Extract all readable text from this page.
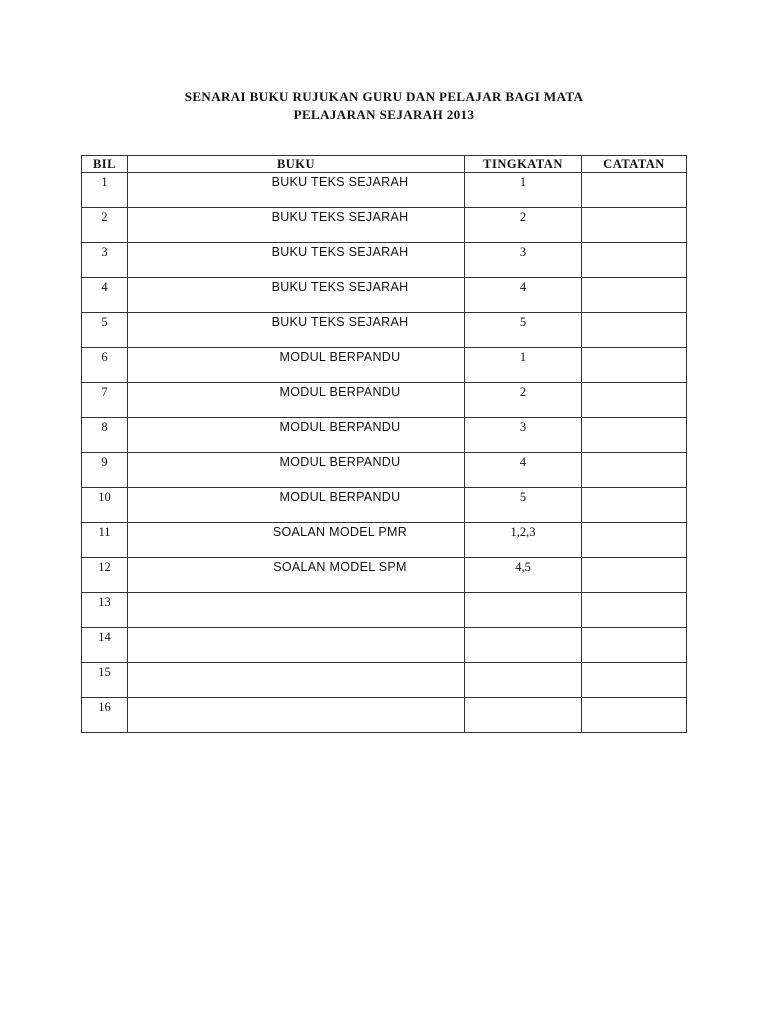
SENARAI BUKU RUJUKAN GURU DAN PELAJAR BAGI MATA
PELAJARAN SEJARAH 2013
BIL	BUKU	TINGKATAN	CATATAN
1	BUKU TEKS SEJARAH	1	
2	BUKU TEKS SEJARAH	2	
3	BUKU TEKS SEJARAH	3	
4	BUKU TEKS SEJARAH	4	
5	BUKU TEKS SEJARAH	5	
6	MODUL BERPANDU	1	
7	MODUL BERPANDU	2	
8	MODUL BERPANDU	3	
9	MODUL BERPANDU	4	
10	MODUL BERPANDU	5	
11	SOALAN MODEL PMR	1,2,3	
12	SOALAN MODEL SPM	4,5	
13			
14			
15			
16			
